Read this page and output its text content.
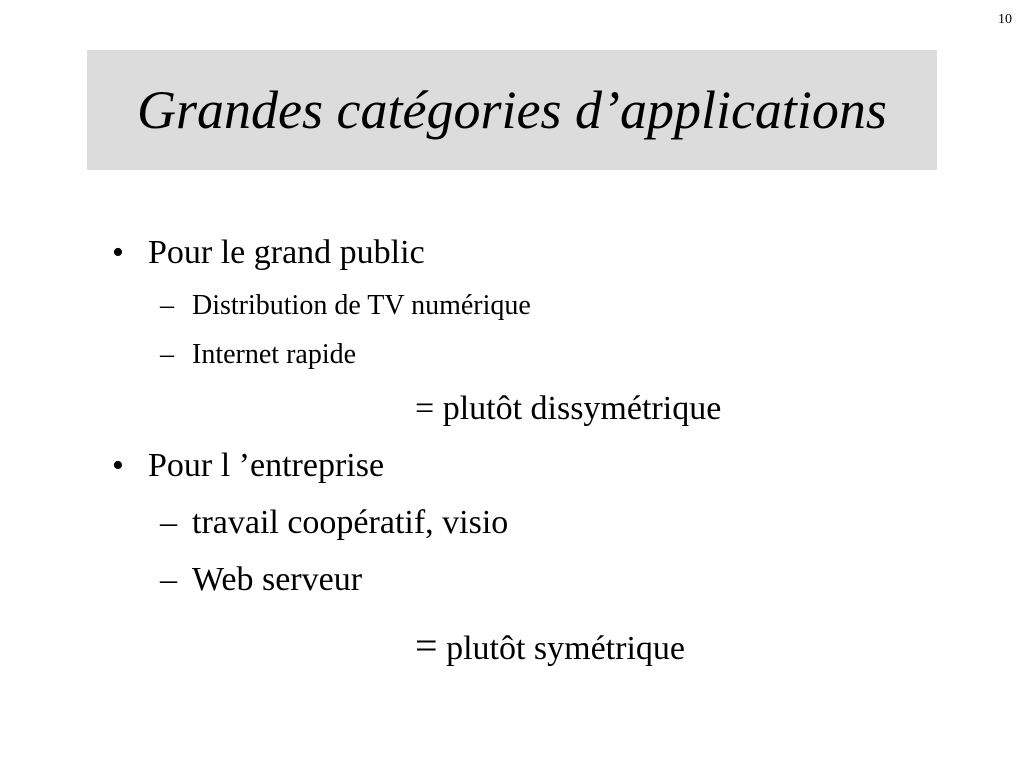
10
Grandes catégories d’applications
• Pour le grand public
– Distribution de TV numérique
– Internet rapide
= plutôt dissymétrique
• Pour l ’entreprise
– travail coopératif, visio
– Web serveur
= plutôt symétrique
